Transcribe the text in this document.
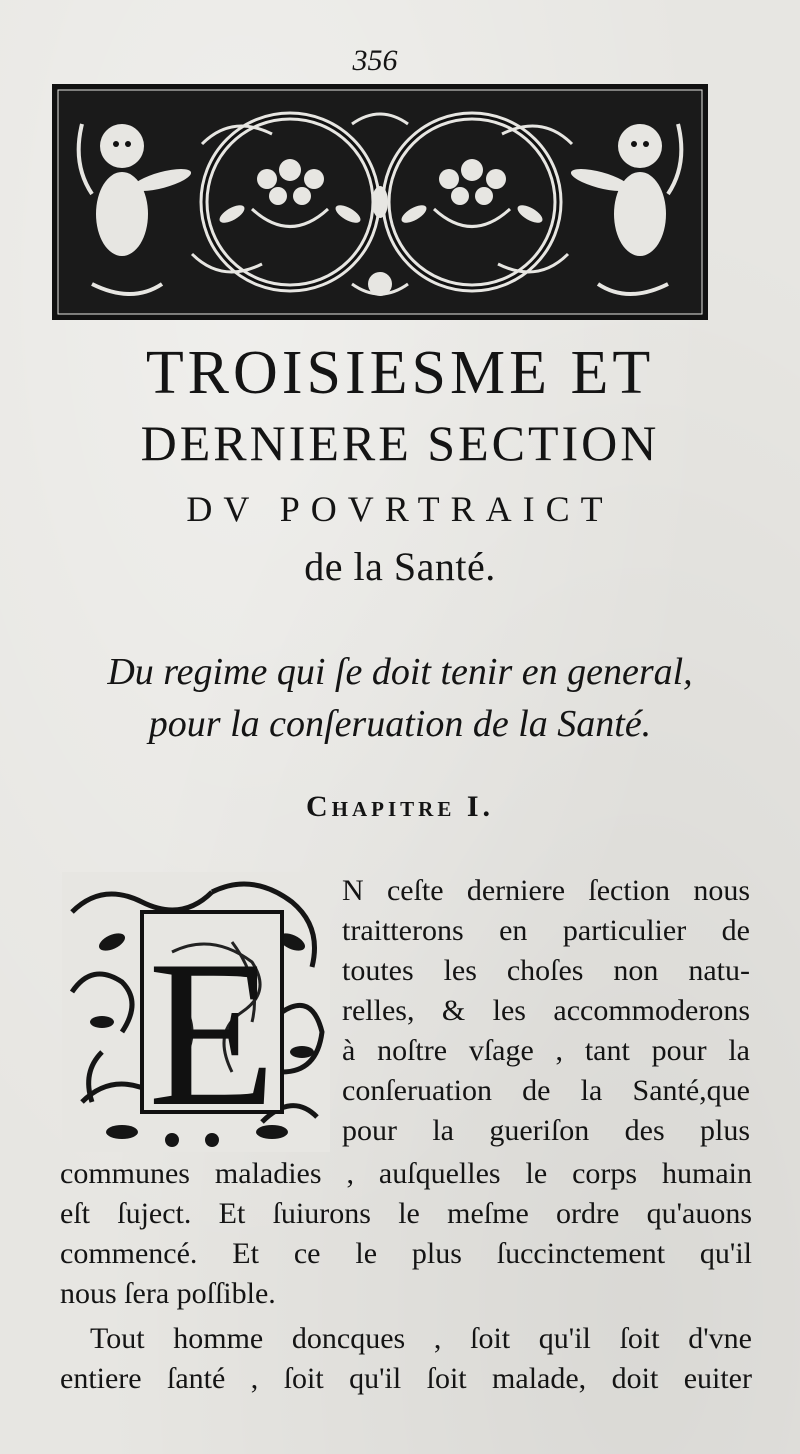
356
TROISIESME ET
DERNIERE SECTION
DV POVRTRAICT
de la Santé.
Du regime qui ſe doit tenir en general,
pour la conſeruation de la Santé.
Chapitre I.
E
N ceſte derniere ſection nous
traitterons en particulier de
toutes les choſes non natu-
relles, & les accommoderons
à noſtre vſage , tant pour la
conſeruation de la Santé,que
pour la gueriſon des plus
communes maladies , auſquelles le corps humain
eſt ſuject. Et ſuiurons le meſme ordre qu'auons
commencé. Et ce le plus ſuccinctement qu'il
nous ſera poſſible.
Tout homme doncques , ſoit qu'il ſoit d'vne
entiere ſanté , ſoit qu'il ſoit malade, doit euiter
